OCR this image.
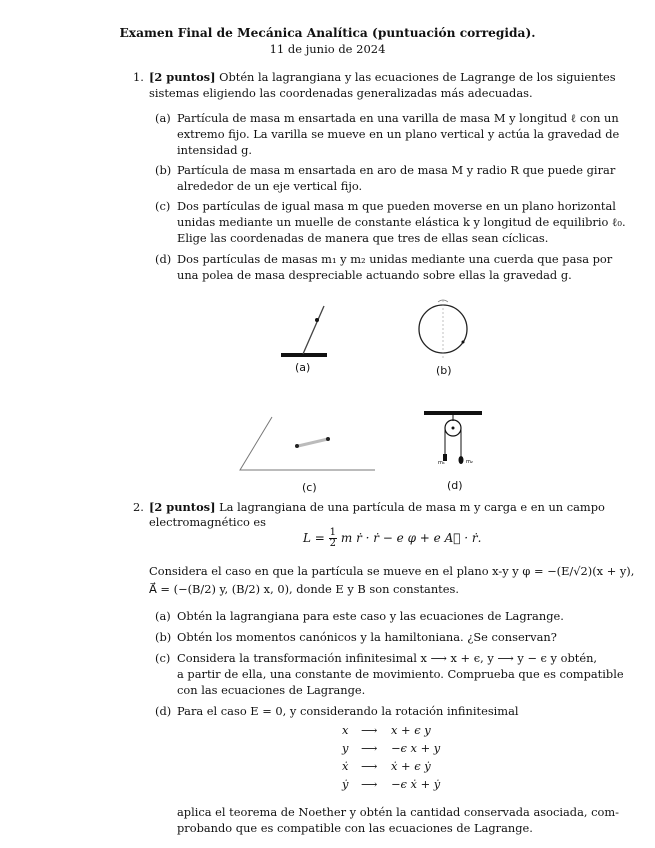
Examen Final de Mecánica Analítica (puntuación corregida).
11 de junio de 2024
1. [2 puntos] Obtén la lagrangiana y las ecuaciones de Lagrange de los siguientes
sistemas eligiendo las coordenadas generalizadas más adecuadas.
(a) Partícula de masa m ensartada en una varilla de masa M y longitud ℓ con un
extremo fijo. La varilla se mueve en un plano vertical y actúa la gravedad de
intensidad g.
(b) Partícula de masa m ensartada en aro de masa M y radio R que puede girar
alrededor de un eje vertical fijo.
(c) Dos partículas de igual masa m que pueden moverse en un plano horizontal
unidas mediante un muelle de constante elástica k y longitud de equilibrio ℓ₀.
Elige las coordenadas de manera que tres de ellas sean cíclicas.
(d) Dos partículas de masas m₁ y m₂ unidas mediante una cuerda que pasa por
una polea de masa despreciable actuando sobre ellas la gravedad g.
m₁	m₂
(a)	(b)
(c)	(d)
2. [2 puntos] La lagrangiana de una partícula de masa m y carga e en un campo
electromagnético es
$L = \frac{1}{2}$ m ṙ · ṙ − e φ + e A⃗ · ṙ.
Considera el caso en que la partícula se mueve en el plano x-y y φ = −(E/√2)(x + y),
A⃗ = (−(B/2) y, (B/2) x, 0), donde E y B son constantes.
(a) Obtén la lagrangiana para este caso y las ecuaciones de Lagrange.
(b) Obtén los momentos canónicos y la hamiltoniana. ¿Se conservan?
(c) Considera la transformación infinitesimal x ⟶ x + ϵ, y ⟶ y − ϵ y obtén,
a partir de ella, una constante de movimiento. Comprueba que es compatible
con las ecuaciones de Lagrange.
(d) Para el caso E = 0, y considerando la rotación infinitesimal
x ⟶ x + ϵ y
y ⟶ −ϵ x + y
ẋ ⟶ ẋ + ϵ ẏ
ẏ ⟶ −ϵ ẋ + ẏ
aplica el teorema de Noether y obtén la cantidad conservada asociada, com-
probando que es compatible con las ecuaciones de Lagrange.
